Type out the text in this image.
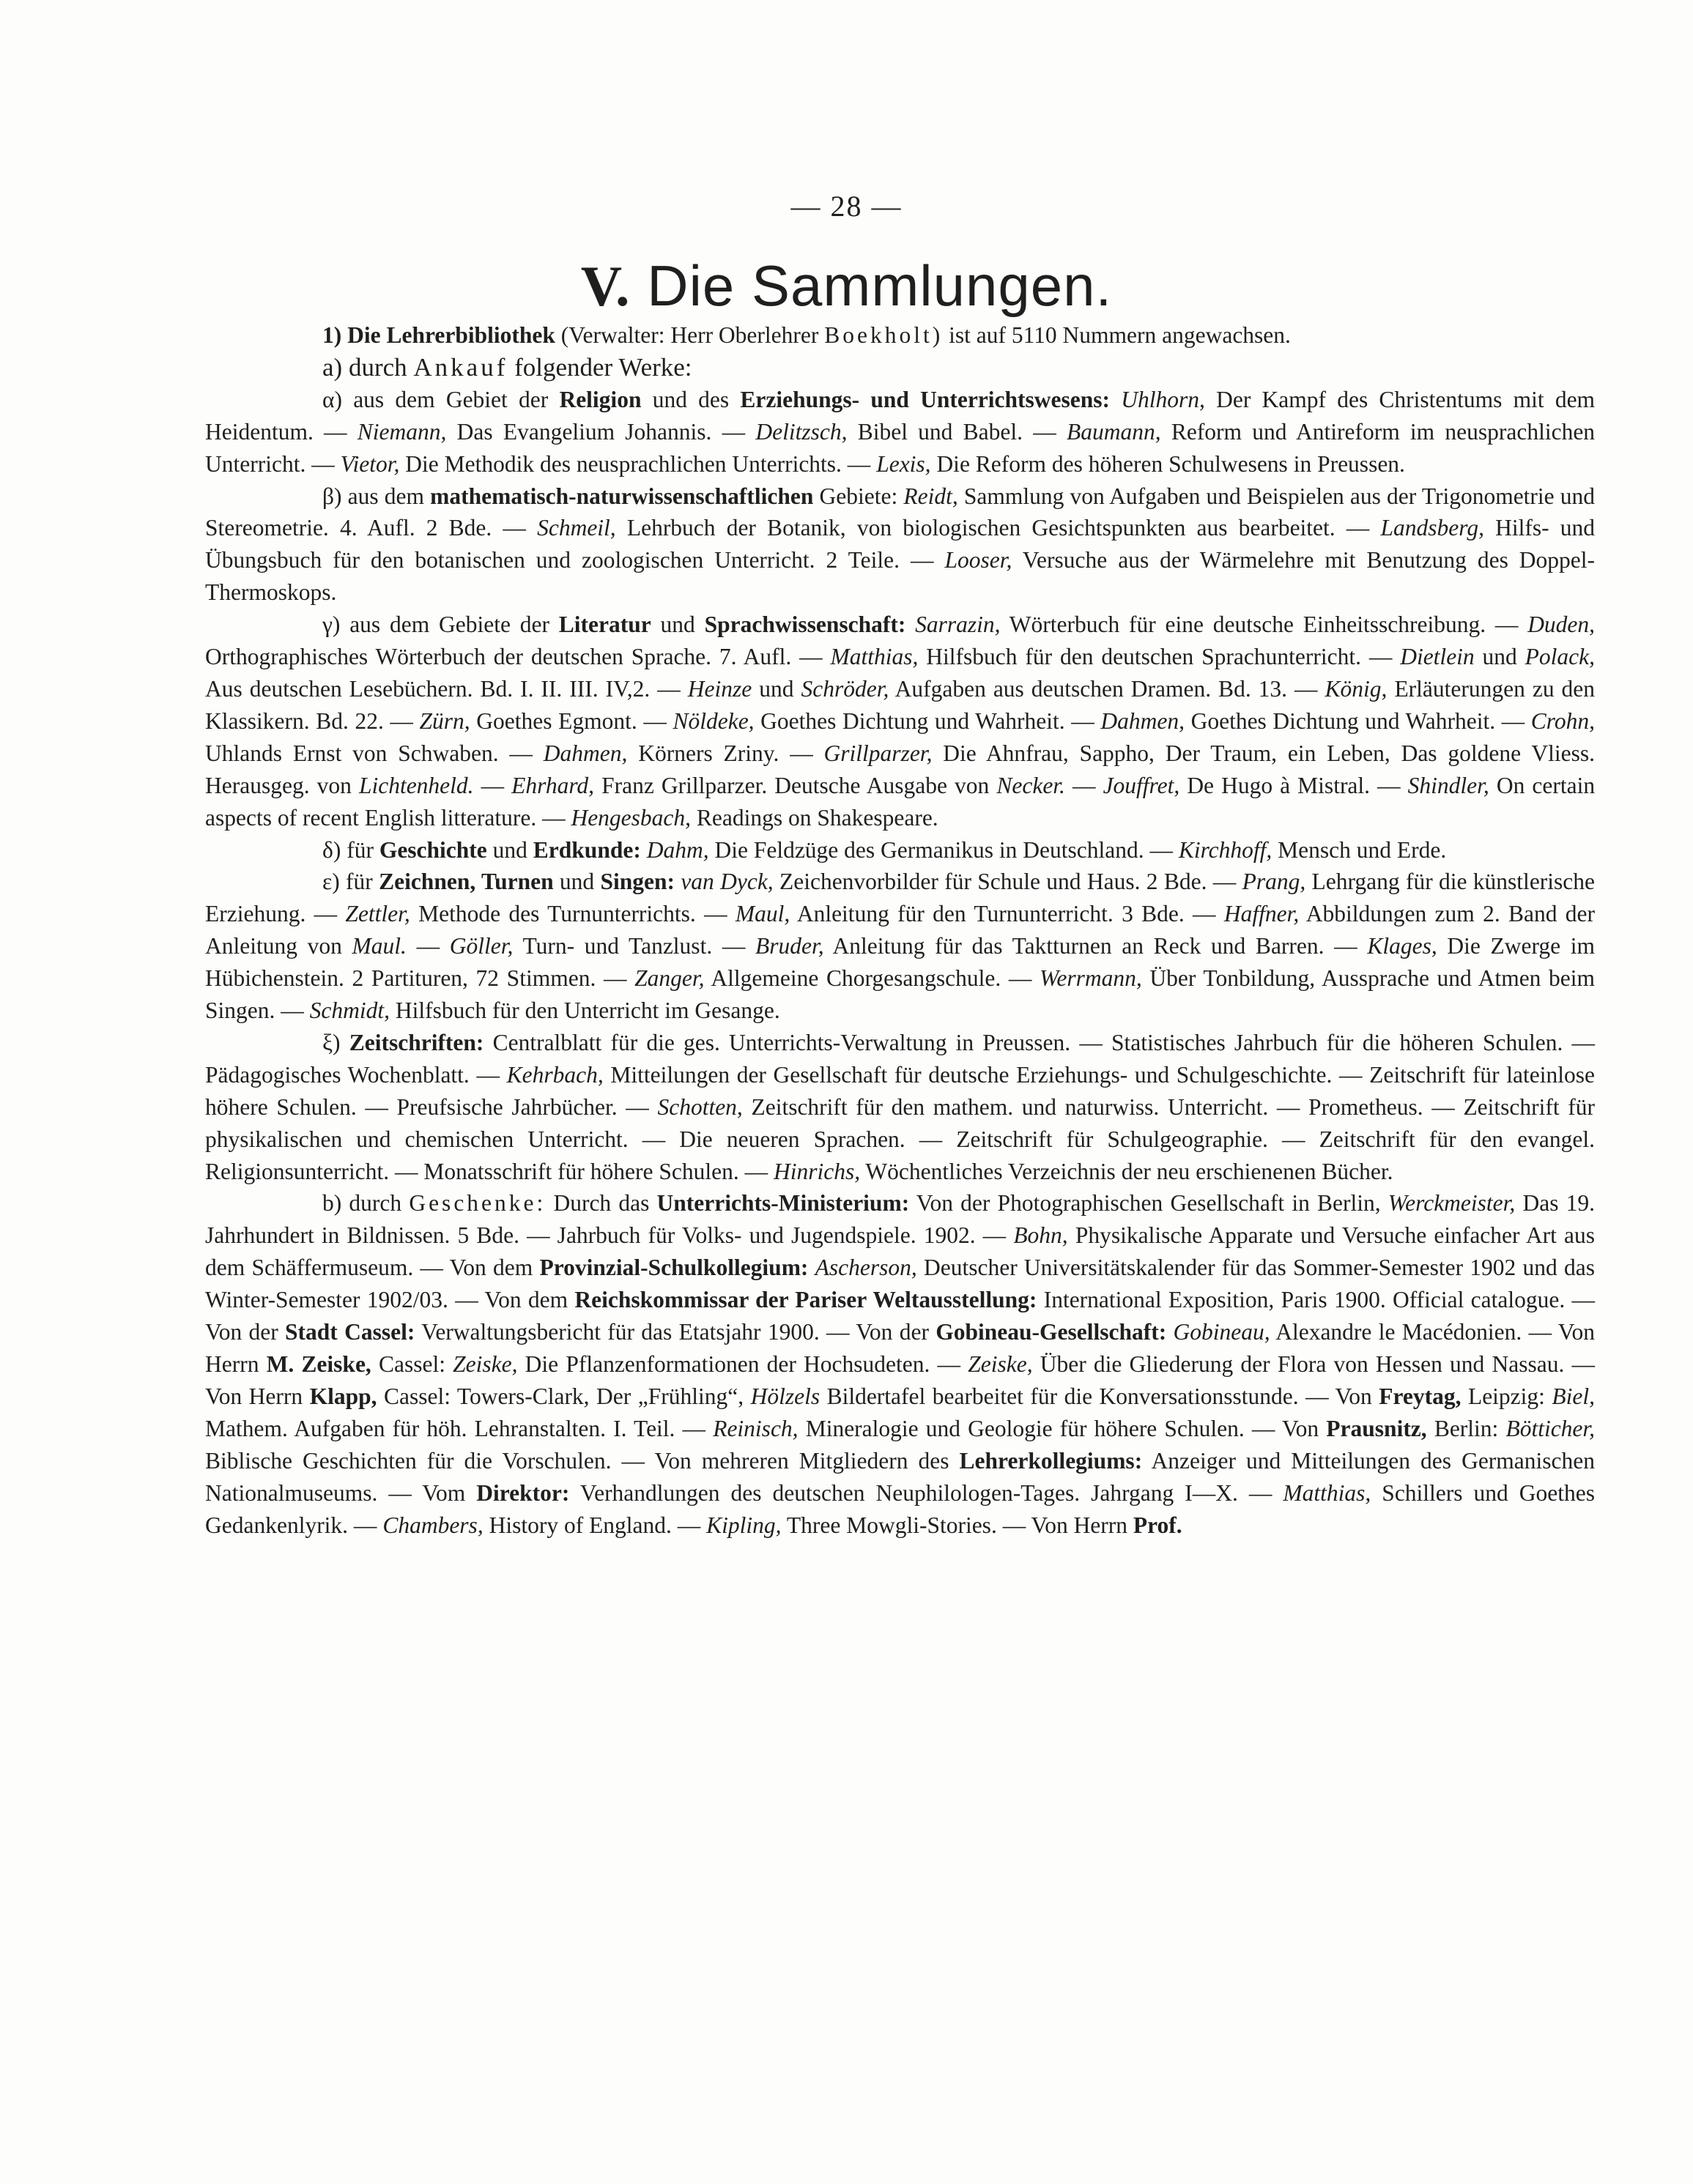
— 28 —
V. Die Sammlungen.

1) Die Lehrerbibliothek (Verwalter: Herr Oberlehrer Boekholt) ist auf 5110 Nummern angewachsen.

a) durch Ankauf folgender Werke:

α) aus dem Gebiet der Religion und des Erziehungs- und Unterrichtswesens: Uhlhorn, Der Kampf des Christentums mit dem Heidentum. — Niemann, Das Evangelium Johannis. — Delitzsch, Bibel und Babel. — Baumann, Reform und Antireform im neusprachlichen Unterricht. — Vietor, Die Methodik des neusprachlichen Unterrichts. — Lexis, Die Reform des höheren Schulwesens in Preussen.

β) aus dem mathematisch-naturwissenschaftlichen Gebiete: Reidt, Sammlung von Aufgaben und Beispielen aus der Trigonometrie und Stereometrie. 4. Aufl. 2 Bde. — Schmeil, Lehrbuch der Botanik, von biologischen Gesichtspunkten aus bearbeitet. — Landsberg, Hilfs- und Übungsbuch für den botanischen und zoologischen Unterricht. 2 Teile. — Looser, Versuche aus der Wärmelehre mit Benutzung des Doppel-Thermoskops.

γ) aus dem Gebiete der Literatur und Sprachwissenschaft: Sarrazin, Wörterbuch für eine deutsche Einheitsschreibung. — Duden, Orthographisches Wörterbuch der deutschen Sprache. 7. Aufl. — Matthias, Hilfsbuch für den deutschen Sprachunterricht. — Dietlein und Polack, Aus deutschen Lesebüchern. Bd. I. II. III. IV,2. — Heinze und Schröder, Aufgaben aus deutschen Dramen. Bd. 13. — König, Erläuterungen zu den Klassikern. Bd. 22. — Zürn, Goethes Egmont. — Nöldeke, Goethes Dichtung und Wahrheit. — Dahmen, Goethes Dichtung und Wahrheit. — Crohn, Uhlands Ernst von Schwaben. — Dahmen, Körners Zriny. — Grillparzer, Die Ahnfrau, Sappho, Der Traum, ein Leben, Das goldene Vliess. Herausgeg. von Lichtenheld. — Ehrhard, Franz Grillparzer. Deutsche Ausgabe von Necker. — Jouffret, De Hugo à Mistral. — Shindler, On certain aspects of recent English litterature. — Hengesbach, Readings on Shakespeare.

δ) für Geschichte und Erdkunde: Dahm, Die Feldzüge des Germanikus in Deutschland. — Kirchhoff, Mensch und Erde.

ε) für Zeichnen, Turnen und Singen: van Dyck, Zeichenvorbilder für Schule und Haus. 2 Bde. — Prang, Lehrgang für die künstlerische Erziehung. — Zettler, Methode des Turnunterrichts. — Maul, Anleitung für den Turnunterricht. 3 Bde. — Haffner, Abbildungen zum 2. Band der Anleitung von Maul. — Göller, Turn- und Tanzlust. — Bruder, Anleitung für das Taktturnen an Reck und Barren. — Klages, Die Zwerge im Hübichenstein. 2 Partituren, 72 Stimmen. — Zanger, Allgemeine Chorgesangschule. — Werrmann, Über Tonbildung, Aussprache und Atmen beim Singen. — Schmidt, Hilfsbuch für den Unterricht im Gesange.

ξ) Zeitschriften: Centralblatt für die ges. Unterrichts-Verwaltung in Preussen. — Statistisches Jahrbuch für die höheren Schulen. — Pädagogisches Wochenblatt. — Kehrbach, Mitteilungen der Gesellschaft für deutsche Erziehungs- und Schulgeschichte. — Zeitschrift für lateinlose höhere Schulen. — Preufsische Jahrbücher. — Schotten, Zeitschrift für den mathem. und naturwiss. Unterricht. — Prometheus. — Zeitschrift für physikalischen und chemischen Unterricht. — Die neueren Sprachen. — Zeitschrift für Schulgeographie. — Zeitschrift für den evangel. Religionsunterricht. — Monatsschrift für höhere Schulen. — Hinrichs, Wöchentliches Verzeichnis der neu erschienenen Bücher.

b) durch Geschenke: Durch das Unterrichts-Ministerium: Von der Photographischen Gesellschaft in Berlin, Werckmeister, Das 19. Jahrhundert in Bildnissen. 5 Bde. — Jahrbuch für Volks- und Jugendspiele. 1902. — Bohn, Physikalische Apparate und Versuche einfacher Art aus dem Schäffermuseum. — Von dem Provinzial-Schulkollegium: Ascherson, Deutscher Universitätskalender für das Sommer-Semester 1902 und das Winter-Semester 1902/03. — Von dem Reichskommissar der Pariser Weltausstellung: International Exposition, Paris 1900. Official catalogue. — Von der Stadt Cassel: Verwaltungsbericht für das Etatsjahr 1900. — Von der Gobineau-Gesellschaft: Gobineau, Alexandre le Macédonien. — Von Herrn M. Zeiske, Cassel: Zeiske, Die Pflanzenformationen der Hochsudeten. — Zeiske, Über die Gliederung der Flora von Hessen und Nassau. — Von Herrn Klapp, Cassel: Towers-Clark, Der „Frühling“, Hölzels Bildertafel bearbeitet für die Konversationsstunde. — Von Freytag, Leipzig: Biel, Mathem. Aufgaben für höh. Lehranstalten. I. Teil. — Reinisch, Mineralogie und Geologie für höhere Schulen. — Von Prausnitz, Berlin: Bötticher, Biblische Geschichten für die Vorschulen. — Von mehreren Mitgliedern des Lehrerkollegiums: Anzeiger und Mitteilungen des Germanischen Nationalmuseums. — Vom Direktor: Verhandlungen des deutschen Neuphilologen-Tages. Jahrgang I—X. — Matthias, Schillers und Goethes Gedankenlyrik. — Chambers, History of England. — Kipling, Three Mowgli-Stories. — Von Herrn Prof.
